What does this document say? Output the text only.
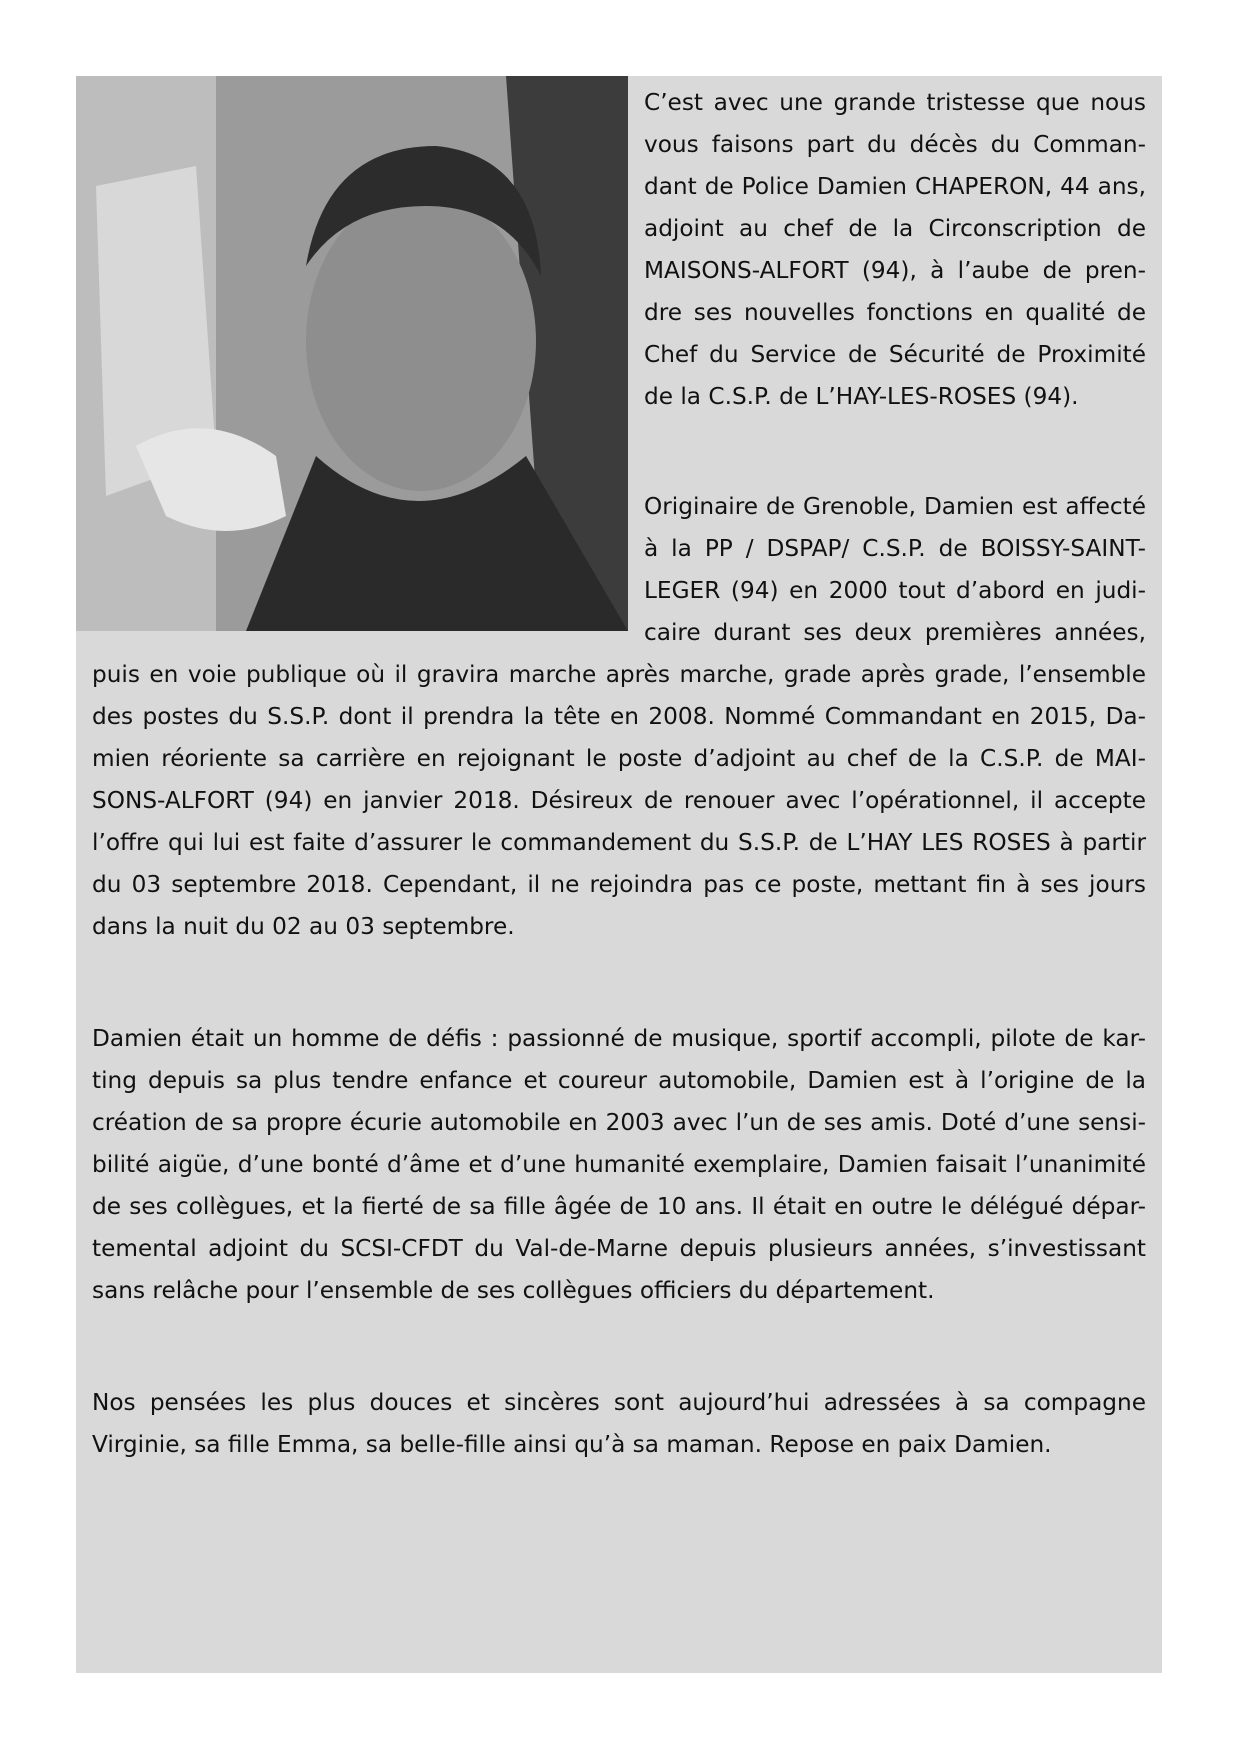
C’est avec une grande tristesse que nous
vous faisons part du décès du Comman-
dant de Police Damien CHAPERON, 44 ans,
adjoint au chef de la Circonscription de
MAISONS-ALFORT (94), à l’aube de pren-
dre ses nouvelles fonctions en qualité de
Chef du Service de Sécurité de Proximité
de la C.S.P. de L’HAY-LES-ROSES (94).
Originaire de Grenoble, Damien est affecté
à la PP / DSPAP/ C.S.P. de BOISSY-SAINT-
LEGER (94) en 2000 tout d’abord en judi-
caire durant ses deux premières années,
puis en voie publique où il gravira marche après marche, grade après grade, l’ensemble
des postes du S.S.P. dont il prendra la tête en 2008. Nommé Commandant en 2015, Da-
mien réoriente sa carrière en rejoignant le poste d’adjoint au chef de la C.S.P. de MAI-
SONS-ALFORT (94) en janvier 2018. Désireux de renouer avec l’opérationnel, il accepte
l’offre qui lui est faite d’assurer le commandement du S.S.P. de L’HAY LES ROSES à partir
du 03 septembre 2018. Cependant, il ne rejoindra pas ce poste, mettant fin à ses jours
dans la nuit du 02 au 03 septembre.
Damien était un homme de défis : passionné de musique, sportif accompli, pilote de kar-
ting depuis sa plus tendre enfance et coureur automobile, Damien est à l’origine de la
création de sa propre écurie automobile en 2003 avec l’un de ses amis. Doté d’une sensi-
bilité aigüe, d’une bonté d’âme et d’une humanité exemplaire, Damien faisait l’unanimité
de ses collègues, et la fierté de sa fille âgée de 10 ans. Il était en outre le délégué dépar-
temental adjoint du SCSI-CFDT du Val-de-Marne depuis plusieurs années, s’investissant
sans relâche pour l’ensemble de ses collègues officiers du département.
Nos pensées les plus douces et sincères sont aujourd’hui adressées à sa compagne
Virginie, sa fille Emma, sa belle-fille ainsi qu’à sa maman. Repose en paix Damien.
